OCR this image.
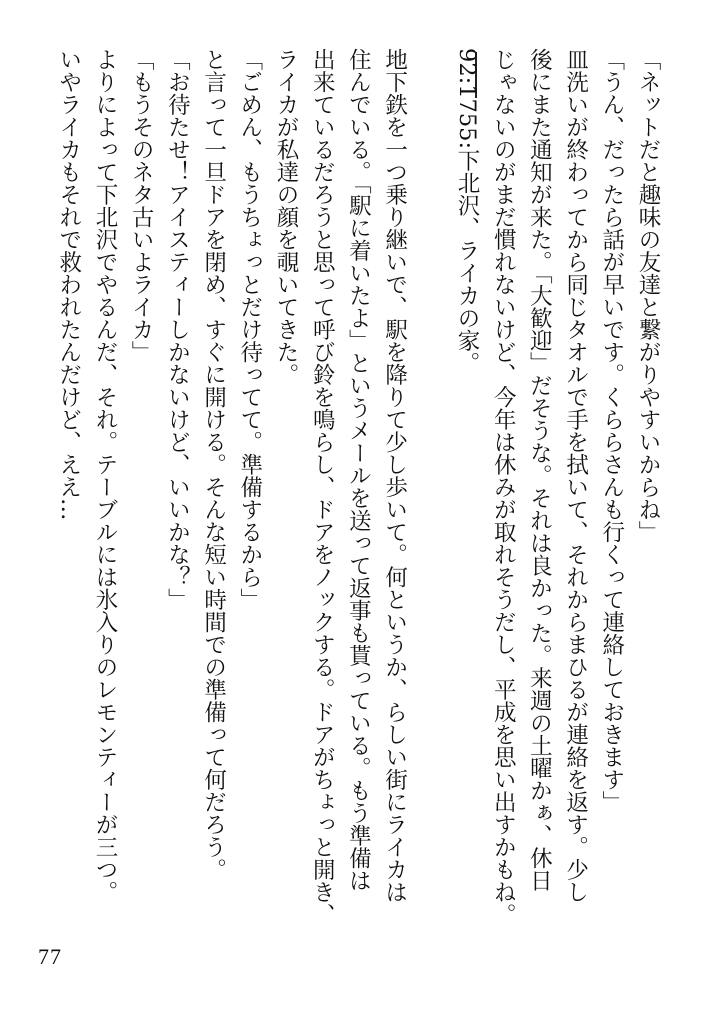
「ネットだと趣味の友達と繋がりやすいからね」
「うん、だったら話が早いです。くららさんも行くって連絡しておきます」
皿洗いが終わってから同じタオルで手を拭いて、それからまひるが連絡を返す。少し
後にまた通知が来た。「大歓迎」だそうな。それは良かった。来週の土曜かぁ、休日
じゃないのがまだ慣れないけど、今年は休みが取れそうだし、平成を思い出すかもね。
92:1755:下北沢、ライカの家。
地下鉄を一つ乗り継いで、駅を降りて少し歩いて。何というか、らしい街にライカは
住んでいる。「駅に着いたよ」というメールを送って返事も貰っている。もう準備は
出来ているだろうと思って呼び鈴を鳴らし、ドアをノックする。ドアがちょっと開き、
ライカが私達の顔を覗いてきた。
「ごめん、もうちょっとだけ待ってて。準備するから」
と言って一旦ドアを閉め、すぐに開ける。そんな短い時間での準備って何だろう。
「お待たせ！アイスティーしかないけど、いいかな？」
「もうそのネタ古いよライカ」
よりによって下北沢でやるんだ、それ。テーブルには氷入りのレモンティーが三つ。
いやライカもそれで救われたんだけど、ええ…
77
